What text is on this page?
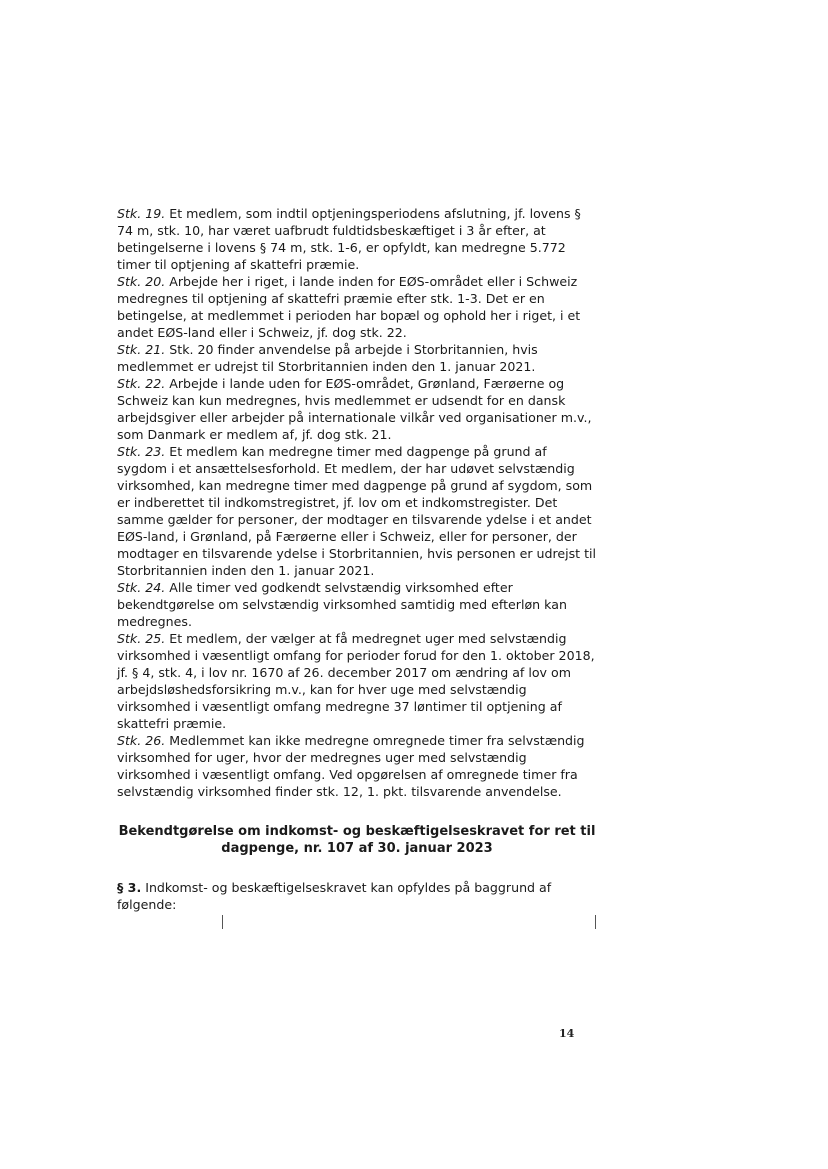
Stk. 19. Et medlem, som indtil optjeningsperiodens afslutning, jf. lovens § 74 m, stk. 10, har været uafbrudt fuldtidsbeskæftiget i 3 år efter, at betingelserne i lovens § 74 m, stk. 1-6, er opfyldt, kan medregne 5.772 timer til optjening af skattefri præmie.

Stk. 20. Arbejde her i riget, i lande inden for EØS-området eller i Schweiz medregnes til optjening af skattefri præmie efter stk. 1-3. Det er en betingelse, at medlemmet i perioden har bopæl og ophold her i riget, i et andet EØS-land eller i Schweiz, jf. dog stk. 22.

Stk. 21. Stk. 20 finder anvendelse på arbejde i Storbritannien, hvis medlemmet er udrejst til Storbritannien inden den 1. januar 2021.

Stk. 22. Arbejde i lande uden for EØS-området, Grønland, Færøerne og Schweiz kan kun medregnes, hvis medlemmet er udsendt for en dansk arbejdsgiver eller arbejder på internationale vilkår ved organisationer m.v., som Danmark er medlem af, jf. dog stk. 21.

Stk. 23. Et medlem kan medregne timer med dagpenge på grund af sygdom i et ansættelsesforhold. Et medlem, der har udøvet selvstændig virksomhed, kan medregne timer med dagpenge på grund af sygdom, som er indberettet til indkomstregistret, jf. lov om et indkomstregister. Det samme gælder for personer, der modtager en tilsvarende ydelse i et andet EØS-land, i Grønland, på Færøerne eller i Schweiz, eller for personer, der modtager en tilsvarende ydelse i Storbritannien, hvis personen er udrejst til Storbritannien inden den 1. januar 2021.

Stk. 24. Alle timer ved godkendt selvstændig virksomhed efter bekendtgørelse om selvstændig virksomhed samtidig med efterløn kan medregnes.

Stk. 25. Et medlem, der vælger at få medregnet uger med selvstændig virksomhed i væsentligt omfang for perioder forud for den 1. oktober 2018, jf. § 4, stk. 4, i lov nr. 1670 af 26. december 2017 om ændring af lov om arbejdsløshedsforsikring m.v., kan for hver uge med selvstændig virksomhed i væsentligt omfang medregne 37 løntimer til optjening af skattefri præmie.

Stk. 26. Medlemmet kan ikke medregne omregnede timer fra selvstændig virksomhed for uger, hvor der medregnes uger med selvstændig virksomhed i væsentligt omfang. Ved opgørelsen af omregnede timer fra selvstændig virksomhed finder stk. 12, 1. pkt. tilsvarende anvendelse.

Bekendtgørelse om indkomst- og beskæftigelseskravet for ret til
dagpenge, nr. 107 af 30. januar 2023

§ 3. Indkomst- og beskæftigelseskravet kan opfyldes på baggrund af følgende:

14
